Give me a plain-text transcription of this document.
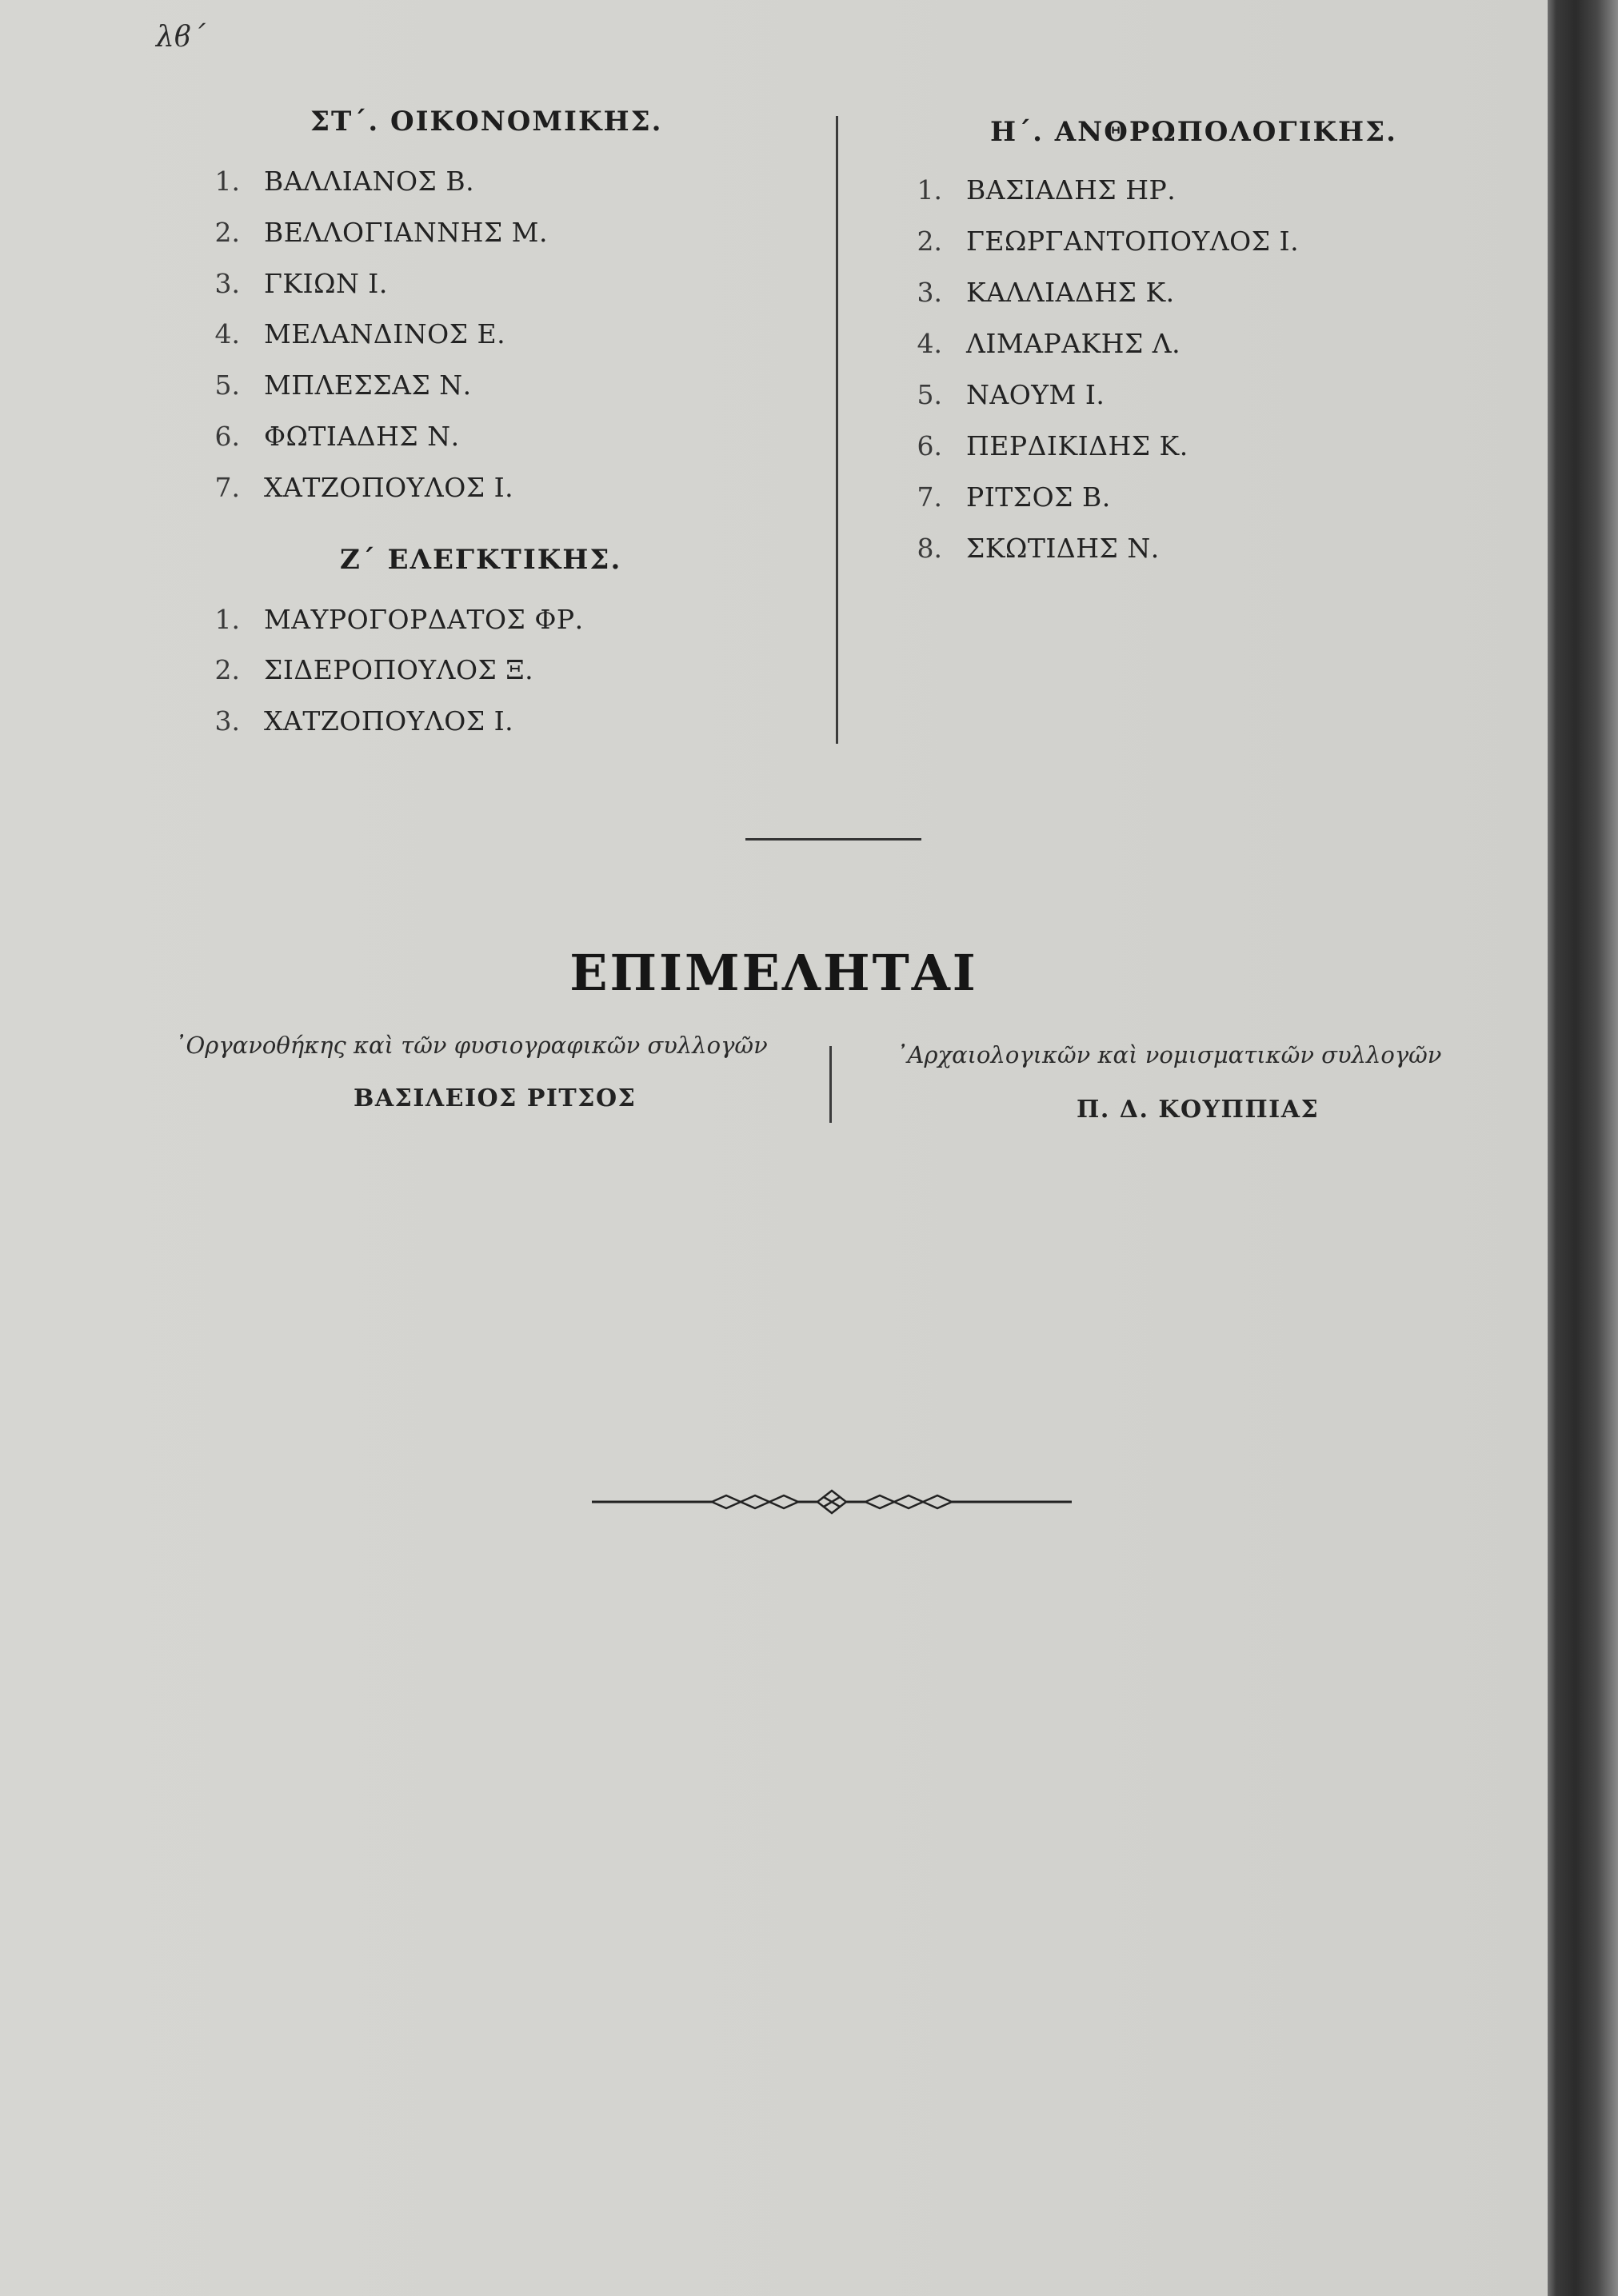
λϐ΄
ΣΤ΄. ΟΙΚΟΝΟΜΙΚΗΣ.
1. ΒΑΛΛΙΑΝΟΣ Β.
2. ΒΕΛΛΟΓΙΑΝΝΗΣ Μ.
3. ΓΚΙΩΝ Ι.
4. ΜΕΛΑΝΔΙΝΟΣ Ε.
5. ΜΠΛΕΣΣΑΣ Ν.
6. ΦΩΤΙΑΔΗΣ Ν.
7. ΧΑΤΖΟΠΟΥΛΟΣ Ι.
Ζ΄ ΕΛΕΓΚΤΙΚΗΣ.
1. ΜΑΥΡΟΓΟΡΔΑΤΟΣ ΦΡ.
2. ΣΙΔΕΡΟΠΟΥΛΟΣ Ξ.
3. ΧΑΤΖΟΠΟΥΛΟΣ Ι.
Η΄. ΑΝΘΡΩΠΟΛΟΓΙΚΗΣ.
1. ΒΑΣΙΑΔΗΣ ΗΡ.
2. ΓΕΩΡΓΑΝΤΟΠΟΥΛΟΣ Ι.
3. ΚΑΛΛΙΑΔΗΣ Κ.
4. ΛΙΜΑΡΑΚΗΣ Λ.
5. ΝΑΟΥΜ Ι.
6. ΠΕΡΔΙΚΙΔΗΣ Κ.
7. ΡΙΤΣΟΣ Β.
8. ΣΚΩΤΙΔΗΣ Ν.
ΕΠΙΜΕΛΗΤΑΙ
᾿Οργανοθήκης καὶ τῶν φυσιογραφικῶν συλλογῶν
ΒΑΣΙΛΕΙΟΣ ΡΙΤΣΟΣ
᾿Αρχαιολογικῶν καὶ νομισματικῶν συλλογῶν
Π. Δ. ΚΟΥΠΠΙΑΣ
